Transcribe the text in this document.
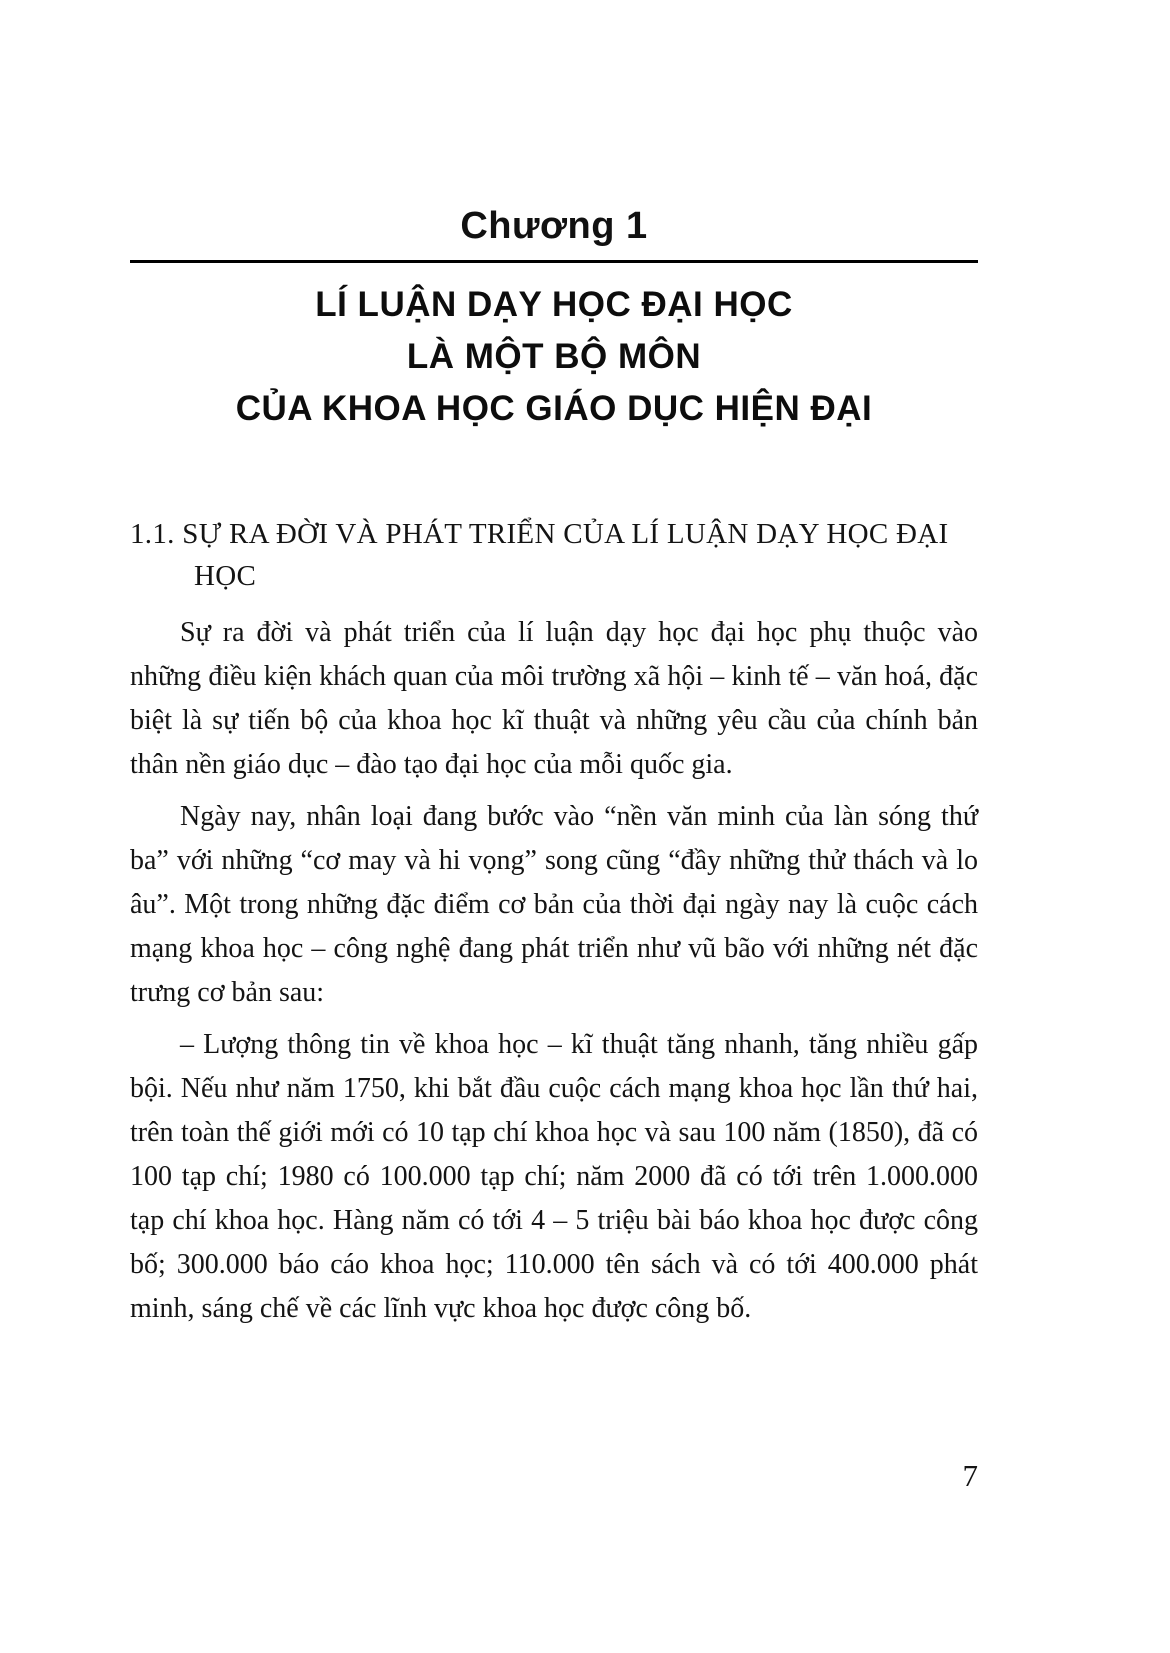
Chương 1
LÍ LUẬN DẠY HỌC ĐẠI HỌC
LÀ MỘT BỘ MÔN
CỦA KHOA HỌC GIÁO DỤC HIỆN ĐẠI
1.1. SỰ RA ĐỜI VÀ PHÁT TRIỂN CỦA LÍ LUẬN DẠY HỌC ĐẠI HỌC

Sự ra đời và phát triển của lí luận dạy học đại học phụ thuộc vào những điều kiện khách quan của môi trường xã hội – kinh tế – văn hoá, đặc biệt là sự tiến bộ của khoa học kĩ thuật và những yêu cầu của chính bản thân nền giáo dục – đào tạo đại học của mỗi quốc gia.

Ngày nay, nhân loại đang bước vào “nền văn minh của làn sóng thứ ba” với những “cơ may và hi vọng” song cũng “đầy những thử thách và lo âu”. Một trong những đặc điểm cơ bản của thời đại ngày nay là cuộc cách mạng khoa học – công nghệ đang phát triển như vũ bão với những nét đặc trưng cơ bản sau:

– Lượng thông tin về khoa học – kĩ thuật tăng nhanh, tăng nhiều gấp bội. Nếu như năm 1750, khi bắt đầu cuộc cách mạng khoa học lần thứ hai, trên toàn thế giới mới có 10 tạp chí khoa học và sau 100 năm (1850), đã có 100 tạp chí; 1980 có 100.000 tạp chí; năm 2000 đã có tới trên 1.000.000 tạp chí khoa học. Hàng năm có tới 4 – 5 triệu bài báo khoa học được công bố; 300.000 báo cáo khoa học; 110.000 tên sách và có tới 400.000 phát minh, sáng chế về các lĩnh vực khoa học được công bố.

7
